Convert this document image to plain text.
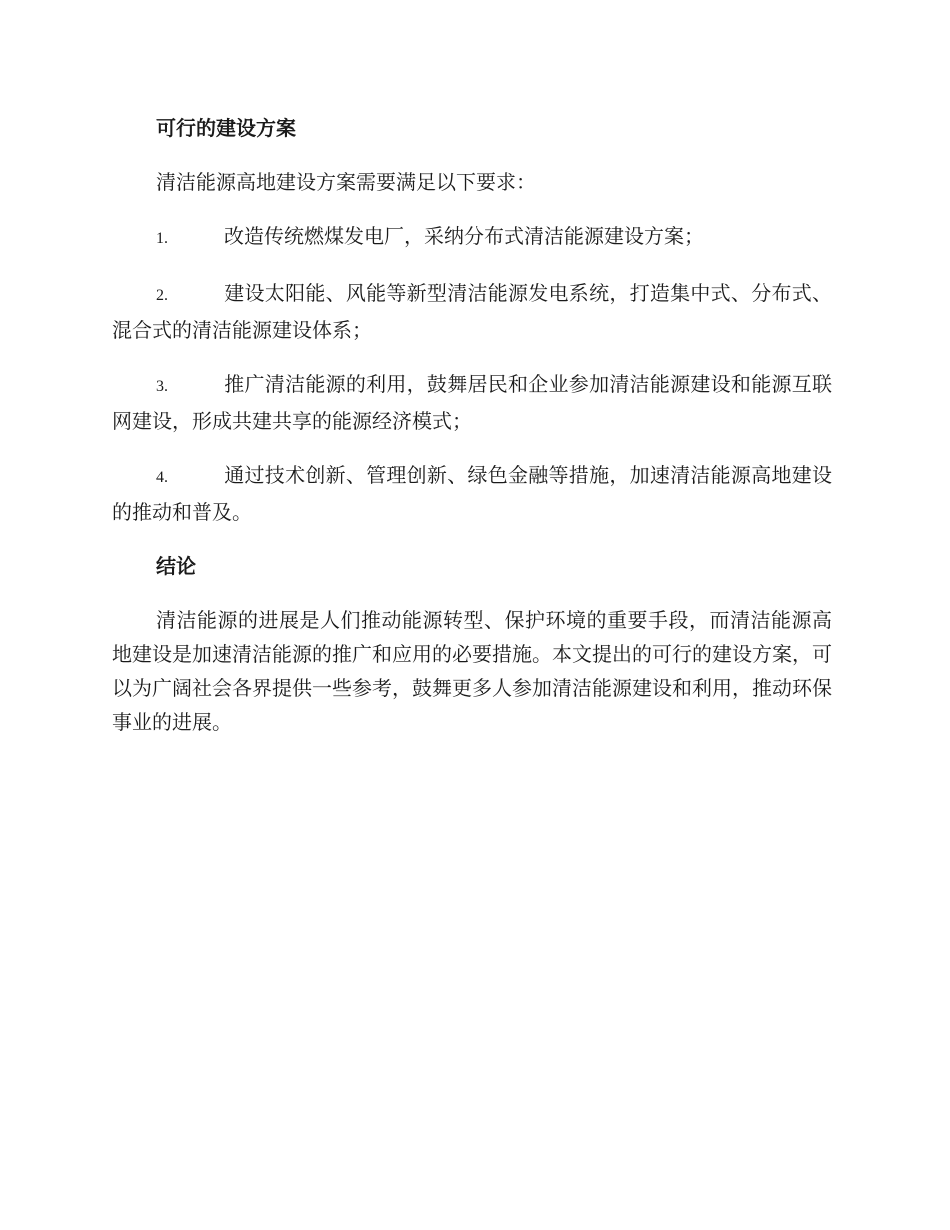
可行的建设方案

清洁能源高地建设方案需要满足以下要求：

1.	改造传统燃煤发电厂，采纳分布式清洁能源建设方案；

2.	建设太阳能、风能等新型清洁能源发电系统，打造集中式、分布式、混合式的清洁能源建设体系；

3.	推广清洁能源的利用，鼓舞居民和企业参加清洁能源建设和能源互联网建设，形成共建共享的能源经济模式；

4.	通过技术创新、管理创新、绿色金融等措施，加速清洁能源高地建设的推动和普及。

结论

清洁能源的进展是人们推动能源转型、保护环境的重要手段，而清洁能源高地建设是加速清洁能源的推广和应用的必要措施。本文提出的可行的建设方案，可以为广阔社会各界提供一些参考，鼓舞更多人参加清洁能源建设和利用，推动环保事业的进展。
